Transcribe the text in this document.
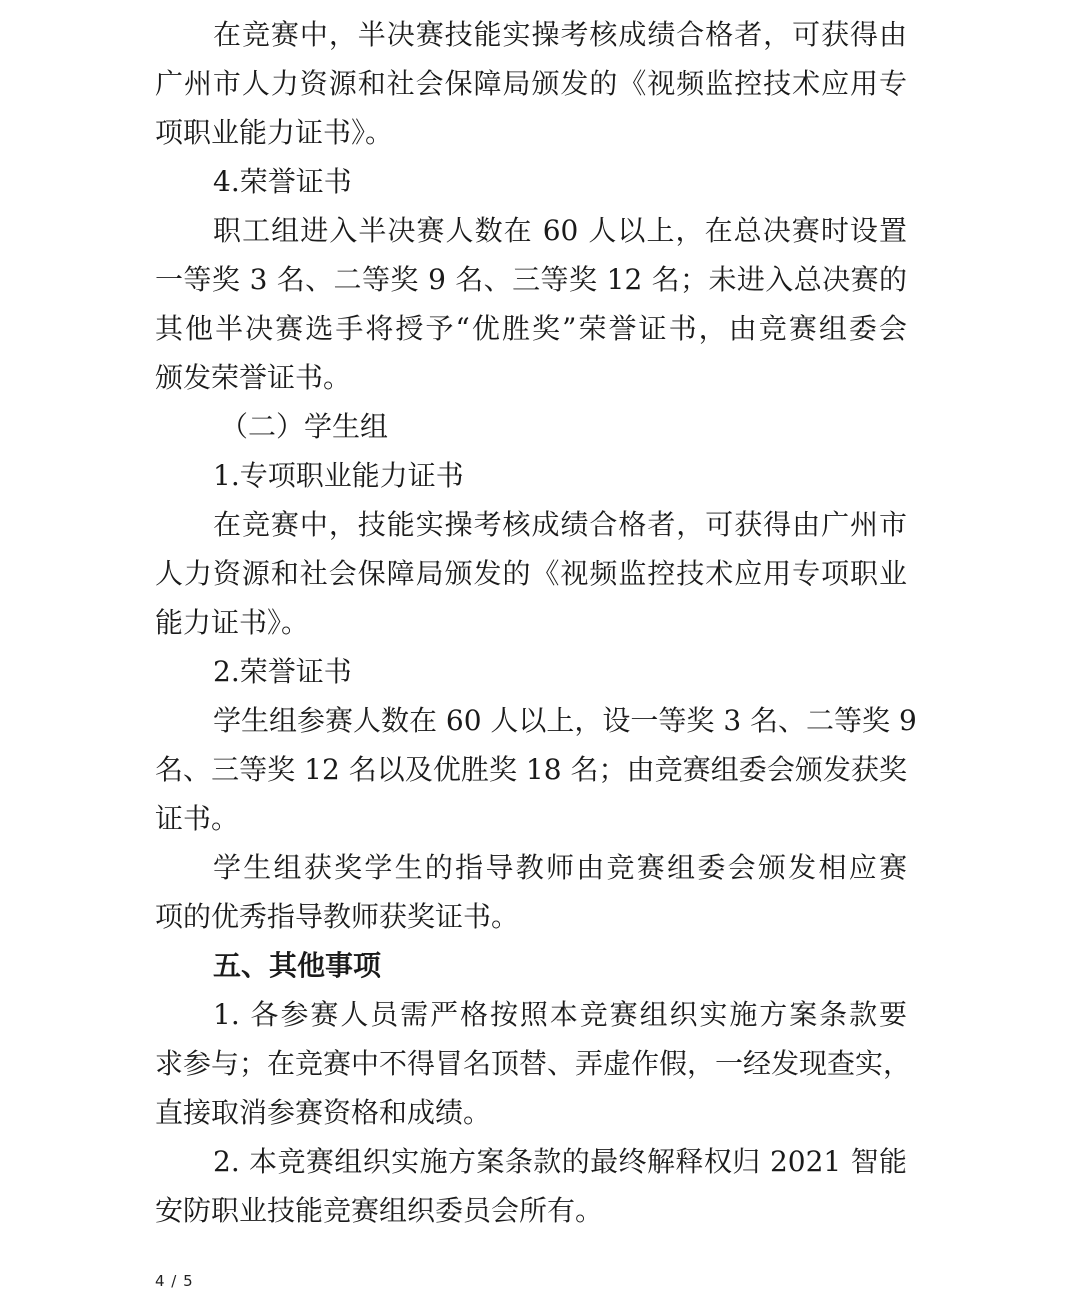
在竞赛中，半决赛技能实操考核成绩合格者，可获得由

广州市人力资源和社会保障局颁发的《视频监控技术应用专

项职业能力证书》。

4.荣誉证书

职工组进入半决赛人数在 60 人以上，在总决赛时设置

一等奖 3 名、二等奖 9 名、三等奖 12 名；未进入总决赛的

其他半决赛选手将授予“优胜奖”荣誉证书，由竞赛组委会

颁发荣誉证书。

（二）学生组

1.专项职业能力证书

在竞赛中，技能实操考核成绩合格者，可获得由广州市

人力资源和社会保障局颁发的《视频监控技术应用专项职业

能力证书》。

2.荣誉证书

学生组参赛人数在 60 人以上，设一等奖 3 名、二等奖 9

名、三等奖 12 名以及优胜奖 18 名；由竞赛组委会颁发获奖

证书。

学生组获奖学生的指导教师由竞赛组委会颁发相应赛

项的优秀指导教师获奖证书。

五、其他事项

1. 各参赛人员需严格按照本竞赛组织实施方案条款要

求参与；在竞赛中不得冒名顶替、弄虚作假，一经发现查实，

直接取消参赛资格和成绩。

2. 本竞赛组织实施方案条款的最终解释权归 2021 智能

安防职业技能竞赛组织委员会所有。

4 / 5
